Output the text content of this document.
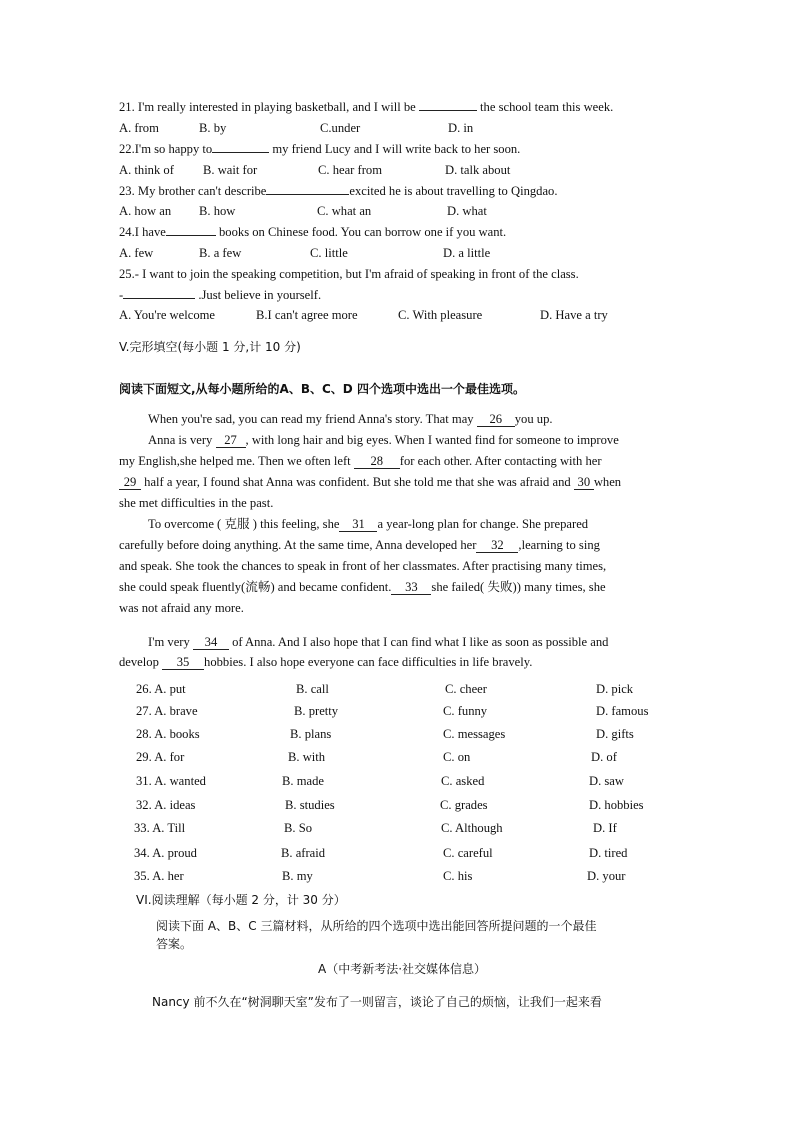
21. I'm really interested in playing basketball, and I will be	the school team this week.
A. from	B. by	C.under	D. in
22.I'm so happy to	my friend Lucy and I will write back to her soon.
A. think of B. wait for	C. hear from	D. talk about
23. My brother can't describe	excited he is about travelling to Qingdao.
A. how an B. how	C. what an	D. what
24.I have	books on Chinese food. You can borrow one if you want.
A. few	B. a few	C. little	D. a little
25.- I want to join the speaking competition, but I'm afraid of speaking in front of the class.
-	.Just believe in yourself.
A. You're welcome	B.I can't agree more	C. With pleasure	D. Have a try
V.完形填空(每小题 1 分,计 10 分)
阅读下面短文,从每小题所给的A、B、C、D 四个选项中选出一个最佳选项。
When you're sad, you can read my friend Anna's story. That may 26 you up.
Anna is very 27, with long hair and big eyes. When I wanted find for someone to improve
my English,she helped me. Then we often left 28 for each other. After contacting with her
29 half a year, I found shat Anna was confident. But she told me that she was afraid and 30when
she met difficulties in the past.
To overcome ( 克服 ) this feeling, she 31 a year-long plan for change. She prepared
carefully before doing anything. At the same time, Anna developed her 32 ,learning to sing
and speak. She took the chances to speak in front of her classmates. After practising many times,
she could speak fluently(流畅) and became confident. 33 she failed( 失败)) many times, she
was not afraid any more.
I'm very 34 of Anna. And I also hope that I can find what I like as soon as possible and
develop 35 hobbies. I also hope everyone can face difficulties in life bravely.
26. A. put	B. call	C. cheer	D. pick
27. A. brave	B. pretty	C. funny	D. famous
28. A. books	B. plans	C. messages	D. gifts
29. A. for	B. with	C. on	D. of
31. A. wanted	B. made	C. asked	D. saw
32. A. ideas	B. studies	C. grades	D. hobbies
33. A. Till	B. So	C. Although	D. If
34. A. proud	B. afraid	C. careful	D. tired
35. A. her	B. my	C. his	D. your
VI.阅读理解（每小题 2 分，计 30 分）
阅读下面 A、B、C 三篇材料，从所给的四个选项中选出能回答所提问题的一个最佳
答案。
A（中考新考法·社交媒体信息）
Nancy 前不久在“树洞聊天室”发布了一则留言，谈论了自己的烦恼，让我们一起来看
